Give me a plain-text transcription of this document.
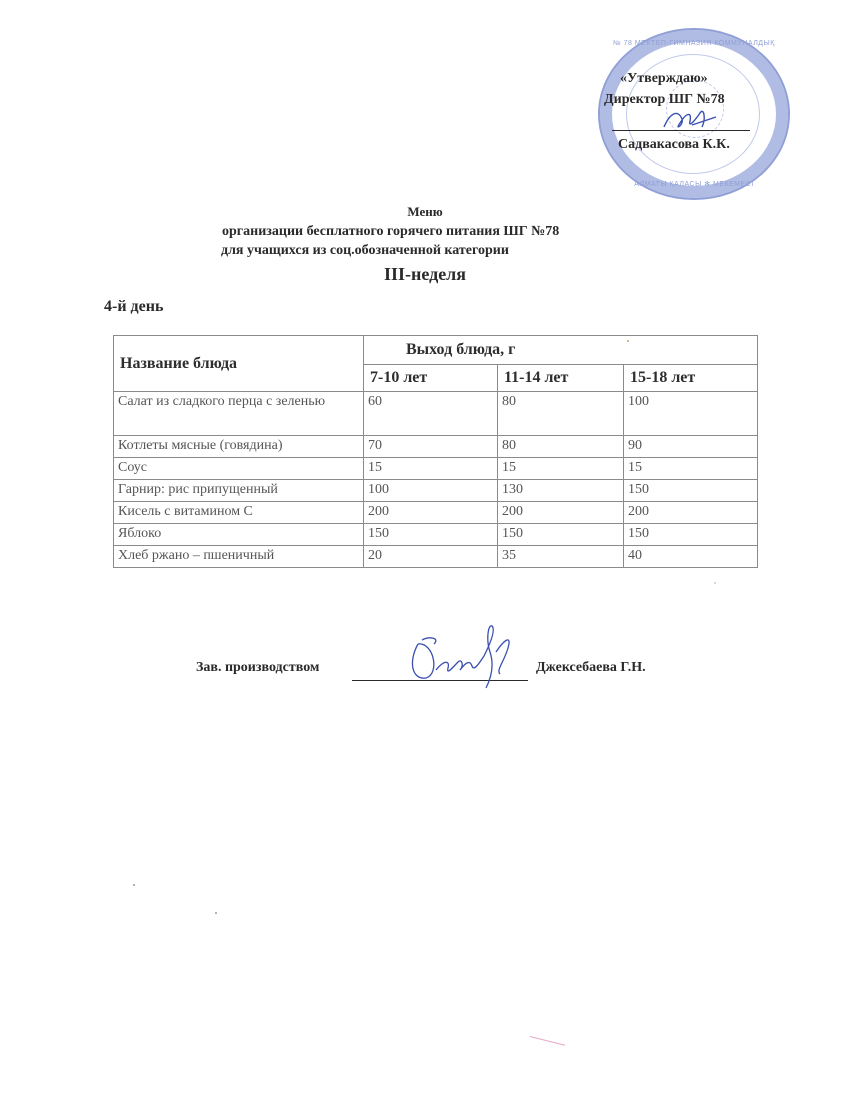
№ 78 МЕКТЕП-ГИМНАЗИЯ КОММУНАЛДЫҚ
АЛМАТЫ ҚАЛАСЫ ✻ МЕКЕМЕСІ
«Утверждаю»
Директор ШГ №78
Садвакасова К.К.
Меню
организации бесплатного горячего питания ШГ №78
для учащихся из соц.обозначенной категории
III-неделя
4-й день
Название блюда	Выход блюда, г		
	7-10 лет	11-14 лет	15-18 лет
Салат из сладкого перца с зеленью	60	80	100
Котлеты мясные (говядина)	70	80	90
Соус	15	15	15
Гарнир: рис припущенный	100	130	150
Кисель с витамином С	200	200	200
Яблоко	150	150	150
Хлеб ржано – пшеничный	20	35	40
Зав. производством	Джексебаева Г.Н.
